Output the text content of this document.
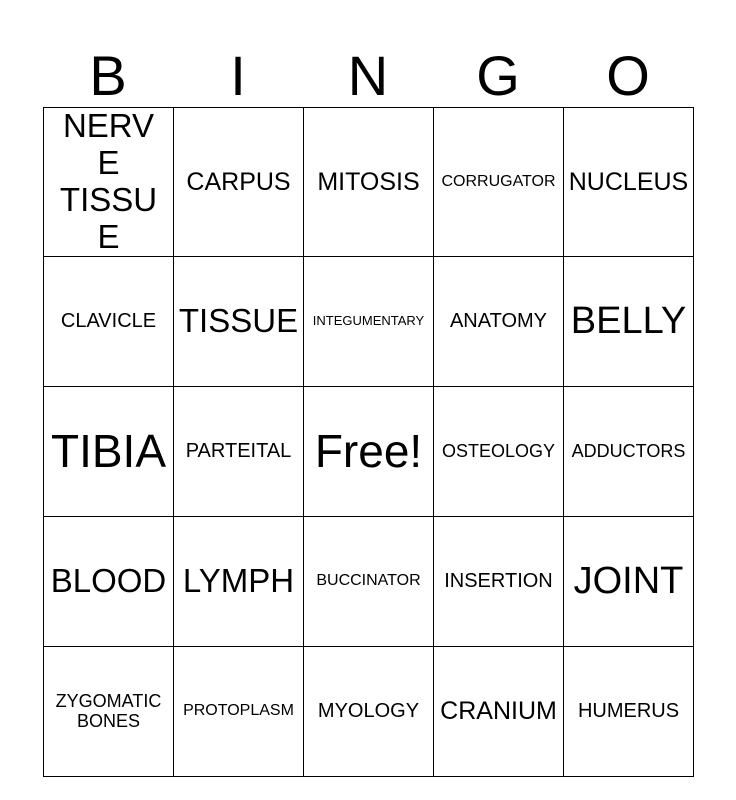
B	I	N	G	O
NERVE TISSUE	CARPUS	MITOSIS	CORRUGATOR	NUCLEUS

CLAVICLE	TISSUE	INTEGUMENTARY	ANATOMY	BELLY

TIBIA	PARTEITAL	Free!	OSTEOLOGY	ADDUCTORS

BLOOD	LYMPH	BUCCINATOR	INSERTION	JOINT

ZYGOMATIC BONES	PROTOPLASM	MYOLOGY	CRANIUM	HUMERUS
